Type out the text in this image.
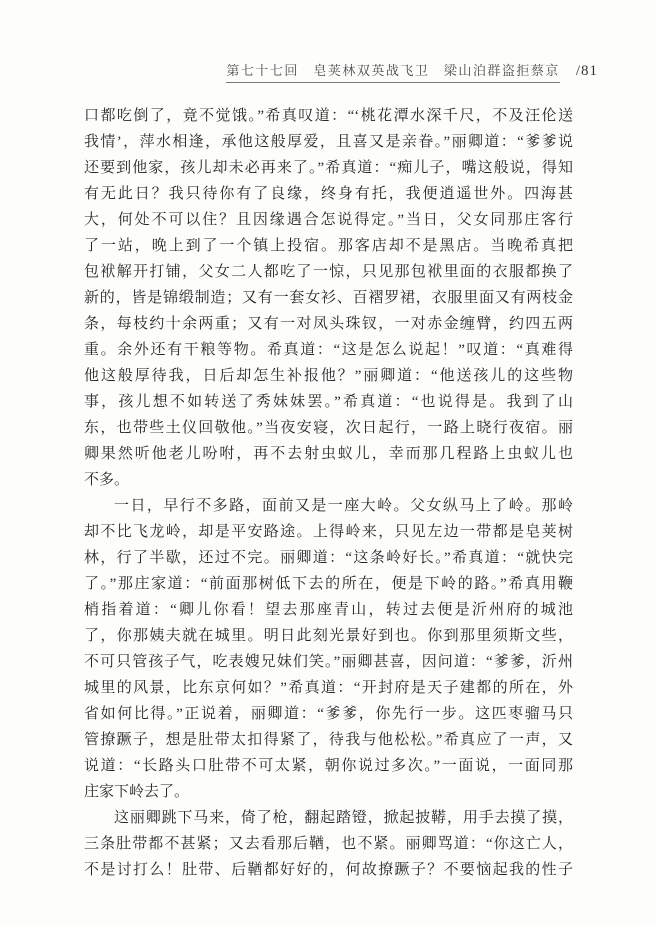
第七十七回　皂荚林双英战飞卫　梁山泊群盗拒蔡京 /81
口都吃倒了，竟不觉饿。”希真叹道：“‘桃花潭水深千尺，不及汪伦送
我情’，萍水相逢，承他这般厚爱，且喜又是亲眷。”丽卿道：“爹爹说
还要到他家，孩儿却未必再来了。”希真道：“痴儿子，嘴这般说，得知
有无此日？我只待你有了良缘，终身有托，我便逍遥世外。四海甚
大，何处不可以住？且因缘遇合怎说得定。”当日，父女同那庄客行
了一站，晚上到了一个镇上投宿。那客店却不是黑店。当晚希真把
包袱解开打铺，父女二人都吃了一惊，只见那包袱里面的衣服都换了
新的，皆是锦缎制造；又有一套女衫、百褶罗裙，衣服里面又有两枝金
条，每枝约十余两重；又有一对凤头珠钗，一对赤金缠臂，约四五两
重。余外还有干粮等物。希真道：“这是怎么说起！”叹道：“真难得
他这般厚待我，日后却怎生补报他？”丽卿道：“他送孩儿的这些物
事，孩儿想不如转送了秀妹妹罢。”希真道：“也说得是。我到了山
东，也带些土仪回敬他。”当夜安寝，次日起行，一路上晓行夜宿。丽
卿果然听他老儿吩咐，再不去射虫蚁儿，幸而那几程路上虫蚁儿也
不多。
一日，早行不多路，面前又是一座大岭。父女纵马上了岭。那岭
却不比飞龙岭，却是平安路途。上得岭来，只见左边一带都是皂荚树
林，行了半歇，还过不完。丽卿道：“这条岭好长。”希真道：“就快完
了。”那庄家道：“前面那树低下去的所在，便是下岭的路。”希真用鞭
梢指着道：“卿儿你看！望去那座青山，转过去便是沂州府的城池
了，你那姨夫就在城里。明日此刻光景好到也。你到那里须斯文些，
不可只管孩子气，吃表嫂兄妹们笑。”丽卿甚喜，因问道：“爹爹，沂州
城里的风景，比东京何如？”希真道：“开封府是天子建都的所在，外
省如何比得。”正说着，丽卿道：“爹爹，你先行一步。这匹枣骝马只
管撩蹶子，想是肚带太扣得紧了，待我与他松松。”希真应了一声，又
说道：“长路头口肚带不可太紧，朝你说过多次。”一面说，一面同那
庄家下岭去了。
这丽卿跳下马来，倚了枪，翻起踏镫，掀起披鞯，用手去摸了摸，
三条肚带都不甚紧；又去看那后鞧，也不紧。丽卿骂道：“你这亡人，
不是讨打么！肚带、后鞧都好好的，何故撩蹶子？不要恼起我的性子
